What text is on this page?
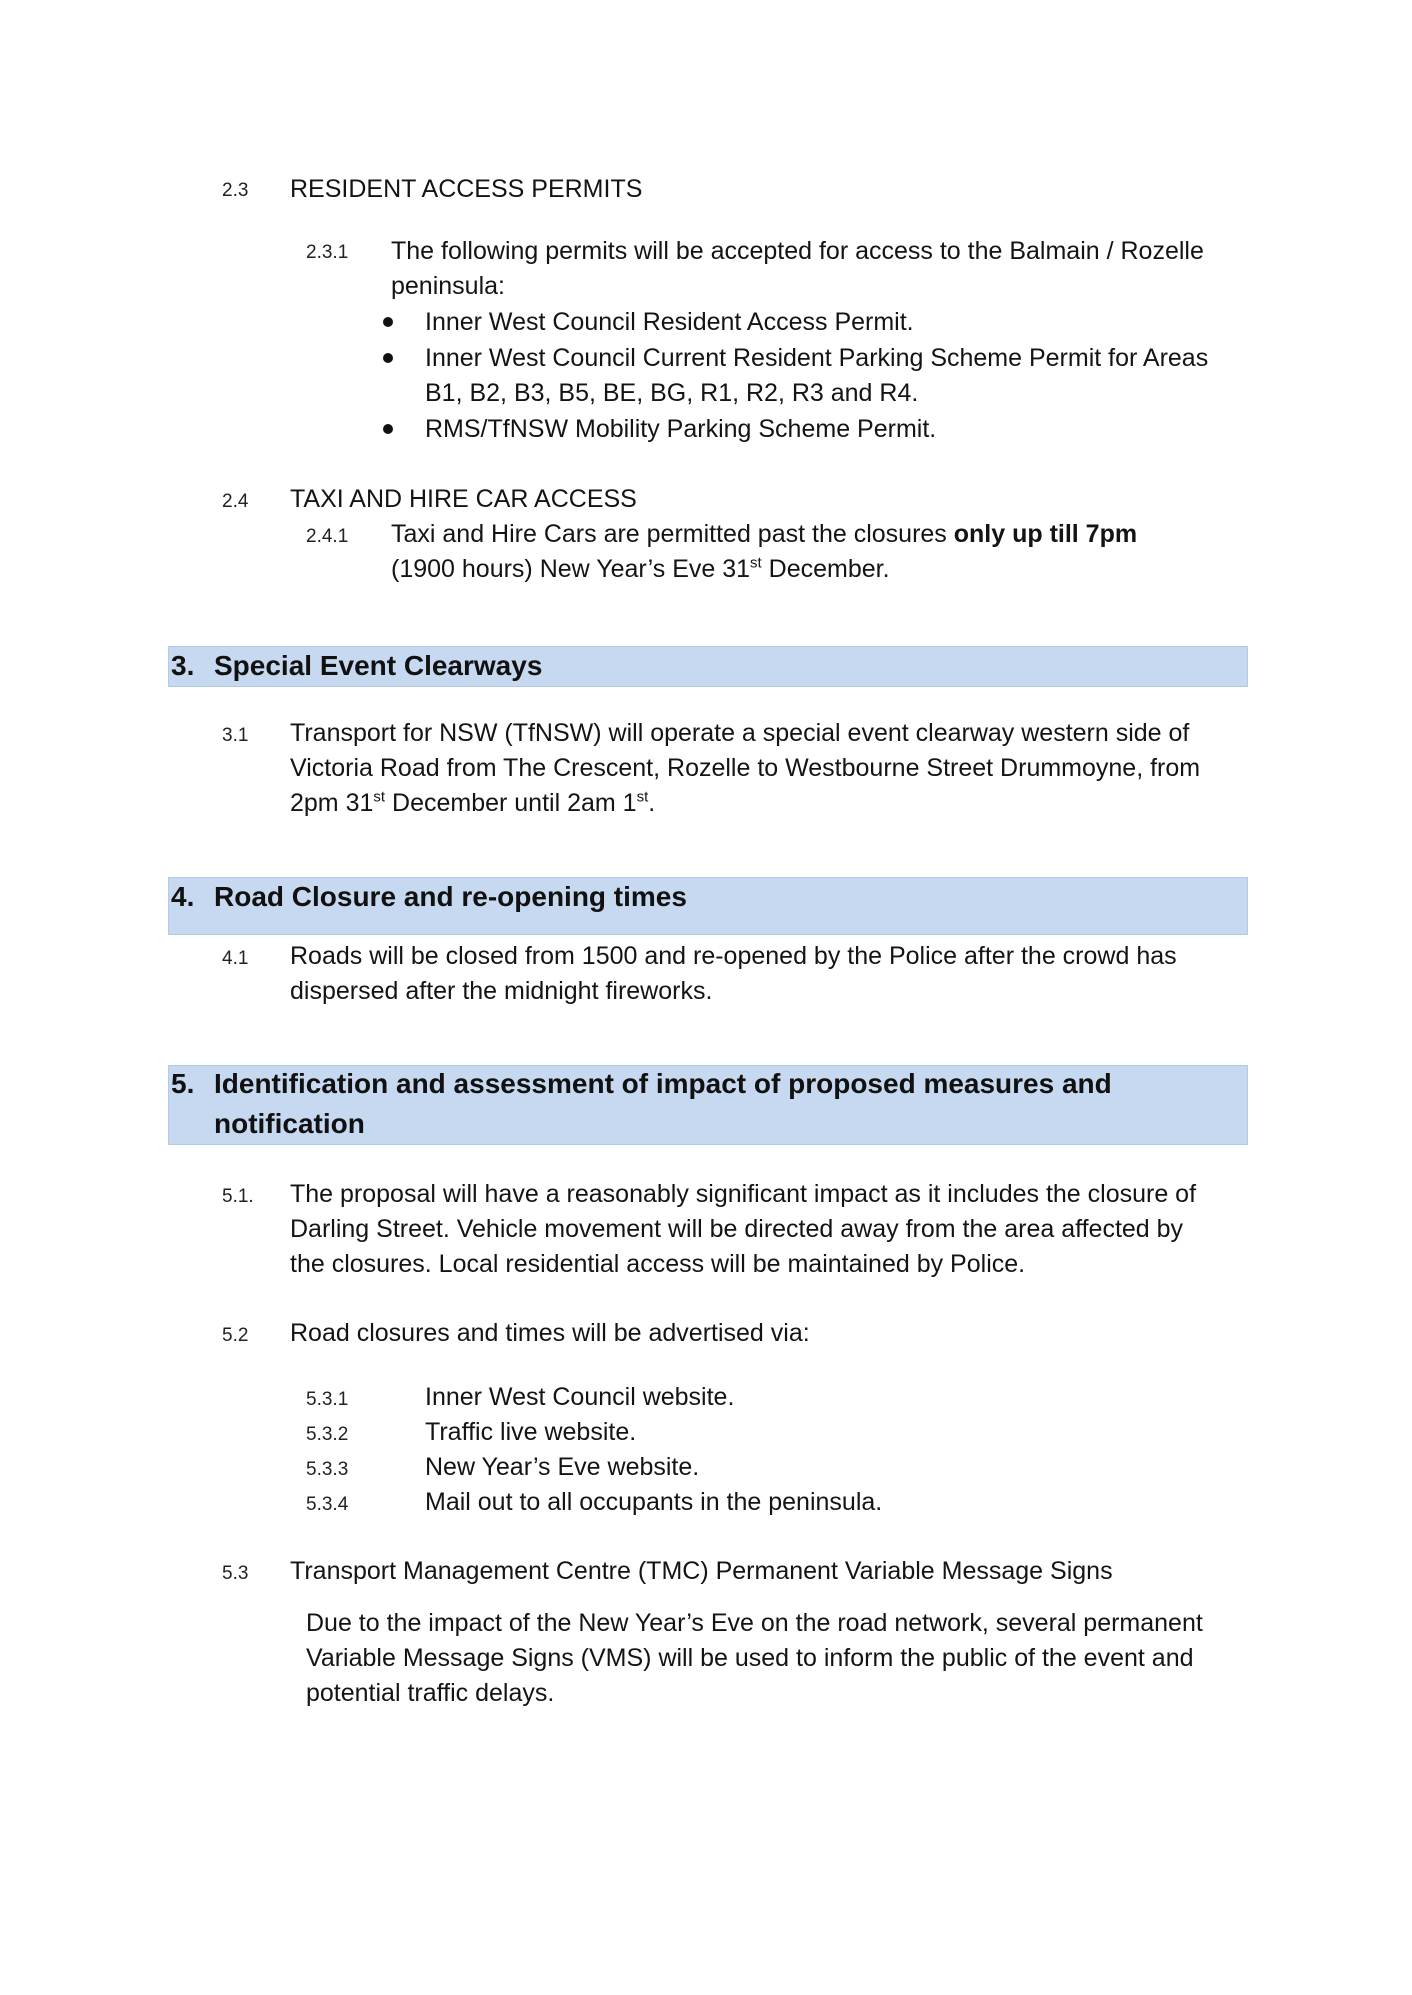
2.3 RESIDENT ACCESS PERMITS
2.3.1 The following permits will be accepted for access to the Balmain / Rozelle
peninsula:
Inner West Council Resident Access Permit.
Inner West Council Current Resident Parking Scheme Permit for Areas
B1, B2, B3, B5, BE, BG, R1, R2, R3 and R4.
RMS/TfNSW Mobility Parking Scheme Permit.
2.4 TAXI AND HIRE CAR ACCESS
2.4.1 Taxi and Hire Cars are permitted past the closures only up till 7pm
(1900 hours) New Year’s Eve 31st December.
3. Special Event Clearways
3.1 Transport for NSW (TfNSW) will operate a special event clearway western side of
Victoria Road from The Crescent, Rozelle to Westbourne Street Drummoyne, from
2pm 31st December until 2am 1st.
4. Road Closure and re-opening times
4.1 Roads will be closed from 1500 and re-opened by the Police after the crowd has
dispersed after the midnight fireworks.
5. Identification and assessment of impact of proposed measures and
notification
5.1. The proposal will have a reasonably significant impact as it includes the closure of
Darling Street. Vehicle movement will be directed away from the area affected by
the closures. Local residential access will be maintained by Police.
5.2 Road closures and times will be advertised via:
5.3.1	Inner West Council website.
5.3.2	Traffic live website.
5.3.3	New Year’s Eve website.
5.3.4	Mail out to all occupants in the peninsula.
5.3 Transport Management Centre (TMC) Permanent Variable Message Signs
Due to the impact of the New Year’s Eve on the road network, several permanent
Variable Message Signs (VMS) will be used to inform the public of the event and
potential traffic delays.
